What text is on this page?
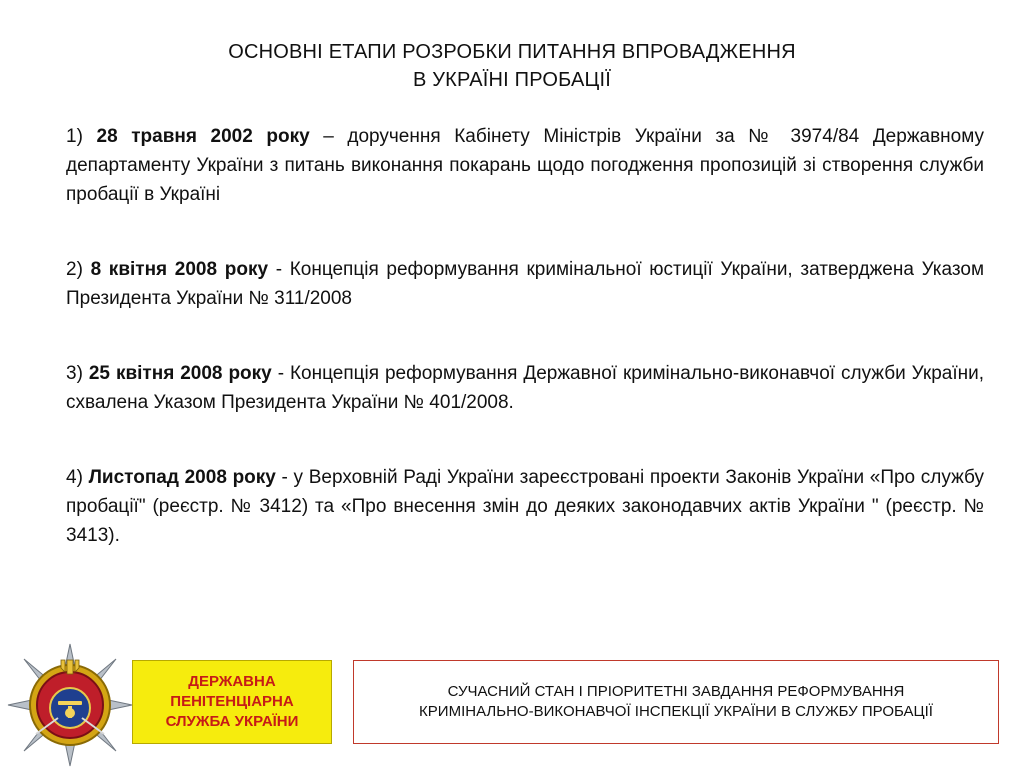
ОСНОВНІ ЕТАПИ РОЗРОБКИ ПИТАННЯ ВПРОВАДЖЕННЯ
В УКРАЇНІ ПРОБАЦІЇ

1) 28 травня 2002 року – доручення Кабінету Міністрів України за № 3974/84 Державному департаменту України з питань виконання покарань щодо погодження пропозицій зі створення служби пробації в Україні

2) 8 квітня 2008 року - Концепція реформування кримінальної юстиції України, затверджена Указом Президента України № 311/2008

3) 25 квітня 2008 року - Концепція реформування Державної кримінально-виконавчої служби України, схвалена Указом Президента України № 401/2008.

4) Листопад 2008 року - у Верховній Раді України зареєстровані проекти Законів України «Про службу пробації" (реєстр. № 3412) та «Про внесення змін до деяких законодавчих актів України " (реєстр. № 3413).

ДЕРЖАВНА
ПЕНІТЕНЦІАРНА
СЛУЖБА УКРАЇНИ
СУЧАСНИЙ СТАН І ПРІОРИТЕТНІ ЗАВДАННЯ РЕФОРМУВАННЯ
КРИМІНАЛЬНО-ВИКОНАВЧОЇ ІНСПЕКЦІЇ УКРАЇНИ В СЛУЖБУ ПРОБАЦІЇ
